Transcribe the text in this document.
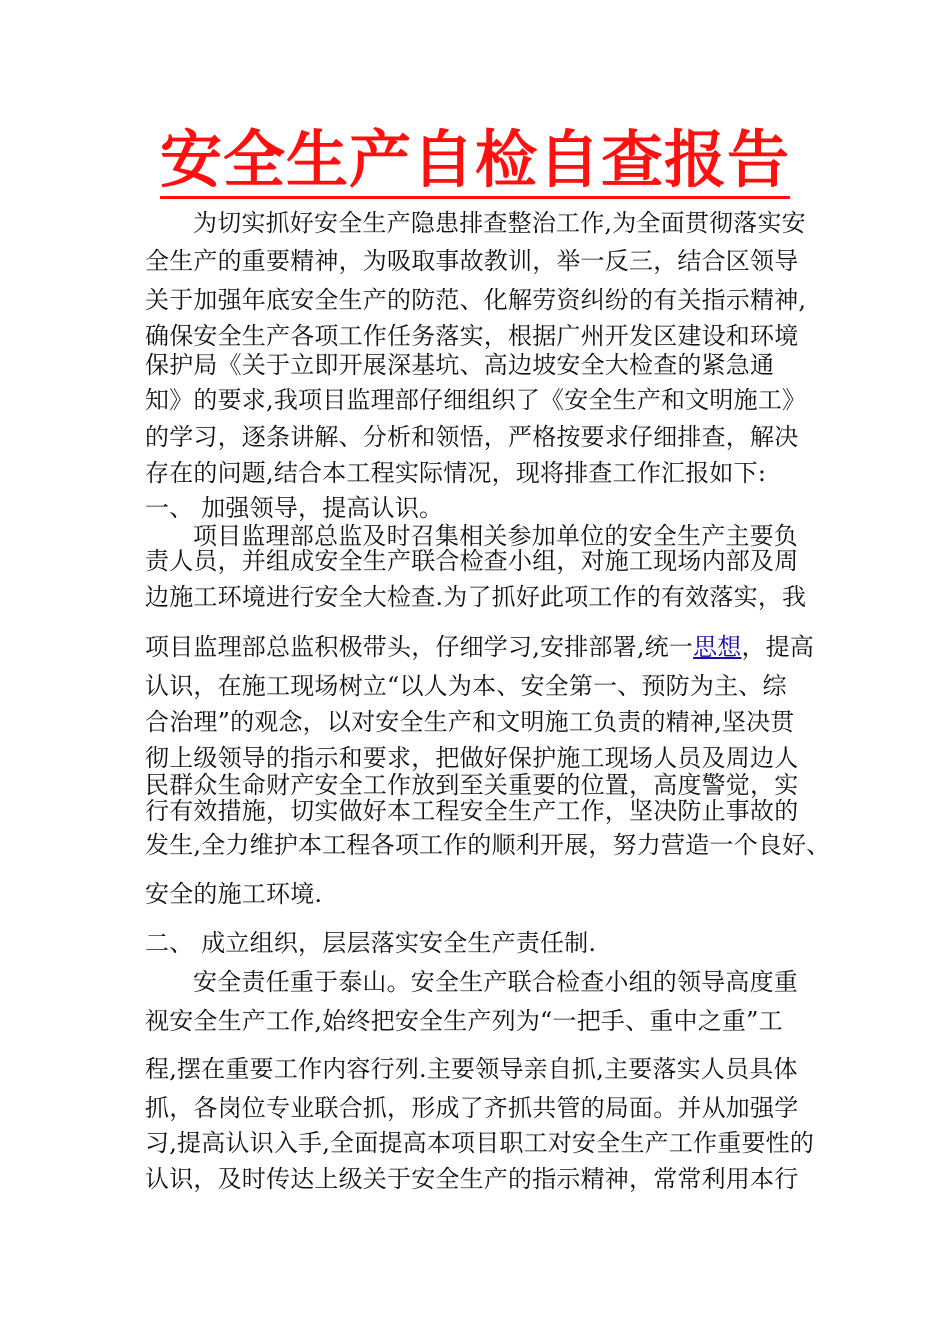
安全生产自检自查报告
为切实抓好安全生产隐患排查整治工作,为全面贯彻落实安
全生产的重要精神，为吸取事故教训，举一反三，结合区领导
关于加强年底安全生产的防范、化解劳资纠纷的有关指示精神,
确保安全生产各项工作任务落实，根据广州开发区建设和环境
保护局《关于立即开展深基坑、高边坡安全大检查的紧急通
知》的要求,我项目监理部仔细组织了《安全生产和文明施工》
的学习，逐条讲解、分析和领悟，严格按要求仔细排查，解决
存在的问题,结合本工程实际情况，现将排查工作汇报如下:
一、 加强领导，提高认识。
项目监理部总监及时召集相关参加单位的安全生产主要负
责人员，并组成安全生产联合检查小组，对施工现场内部及周
边施工环境进行安全大检查.为了抓好此项工作的有效落实，我
项目监理部总监积极带头，仔细学习,安排部署,统一思想，提高
认识，在施工现场树立“以人为本、安全第一、预防为主、综
合治理”的观念，以对安全生产和文明施工负责的精神,坚决贯
彻上级领导的指示和要求，把做好保护施工现场人员及周边人
民群众生命财产安全工作放到至关重要的位置，高度警觉，实
行有效措施，切实做好本工程安全生产工作，坚决防止事故的
发生,全力维护本工程各项工作的顺利开展，努力营造一个良好、
安全的施工环境.
二、 成立组织，层层落实安全生产责任制.
安全责任重于泰山。安全生产联合检查小组的领导高度重
视安全生产工作,始终把安全生产列为“一把手、重中之重”工
程,摆在重要工作内容行列.主要领导亲自抓,主要落实人员具体
抓，各岗位专业联合抓，形成了齐抓共管的局面。并从加强学
习,提高认识入手,全面提高本项目职工对安全生产工作重要性的
认识，及时传达上级关于安全生产的指示精神，常常利用本行
